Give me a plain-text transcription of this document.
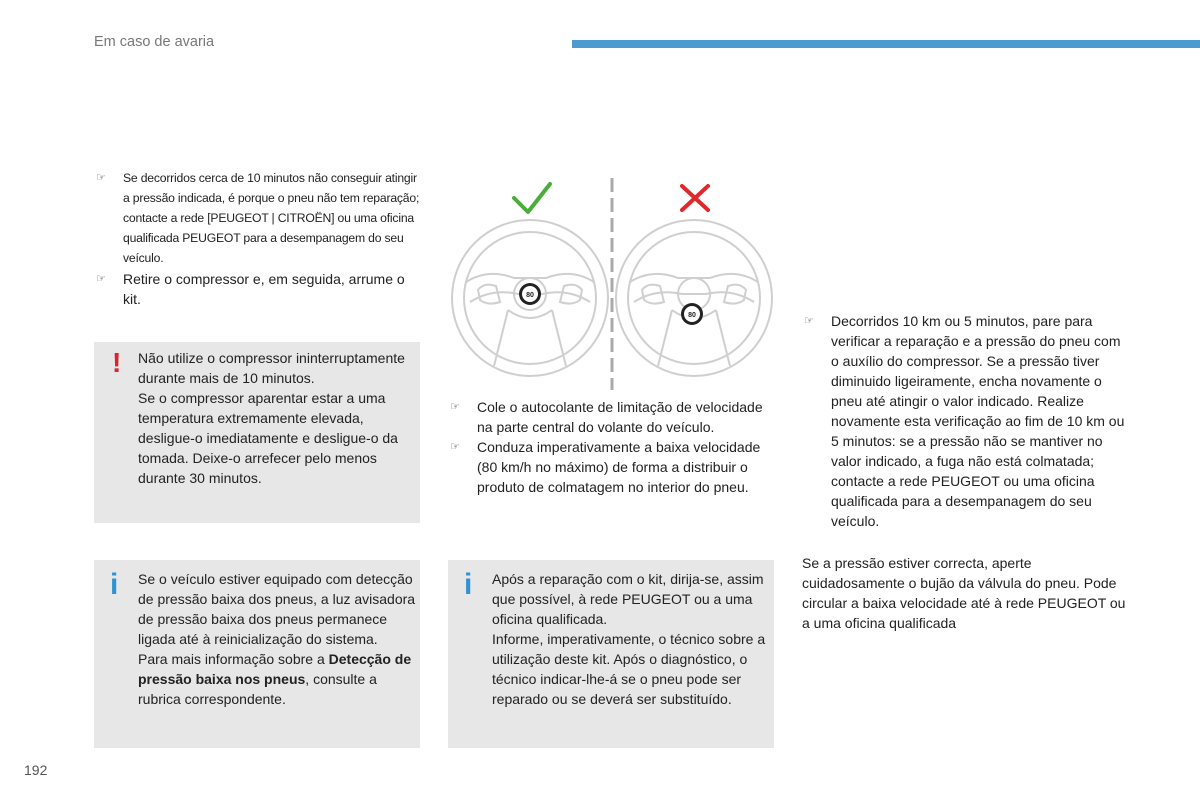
Em caso de avaria
☞ Se decorridos cerca de 10 minutos não conseguir atingir a pressão indicada, é porque o pneu não tem reparação; contacte a rede [PEUGEOT | CITROËN] ou uma oficina qualificada PEUGEOT para a desempanagem do seu veículo.
☞ Retire o compressor e, em seguida, arrume o kit.
! Não utilize o compressor ininterruptamente durante mais de 10 minutos.
Se o compressor aparentar estar a uma temperatura extremamente elevada, desligue-o imediatamente e desligue-o da tomada. Deixe-o arrefecer pelo menos durante 30 minutos.

i Se o veículo estiver equipado com detecção de pressão baixa dos pneus, a luz avisadora de pressão baixa dos pneus permanece ligada até à reinicialização do sistema.
Para mais informação sobre a Detecção de pressão baixa nos pneus, consulte a rubrica correspondente.

80
80
☞ Cole o autocolante de limitação de velocidade na parte central do volante do veículo.
☞ Conduza imperativamente a baixa velocidade (80 km/h no máximo) de forma a distribuir o produto de colmatagem no interior do pneu.
i Após a reparação com o kit, dirija-se, assim que possível, à rede PEUGEOT ou a uma oficina qualificada.
Informe, imperativamente, o técnico sobre a utilização deste kit. Após o diagnóstico, o técnico indicar-lhe-á se o pneu pode ser reparado ou se deverá ser substituído.

☞ Decorridos 10 km ou 5 minutos, pare para verificar a reparação e a pressão do pneu com o auxílio do compressor. Se a pressão tiver diminuido ligeiramente, encha novamente o pneu até atingir o valor indicado. Realize novamente esta verificação ao fim de 10 km ou 5 minutos: se a pressão não se mantiver no valor indicado, a fuga não está colmatada; contacte a rede PEUGEOT ou uma oficina qualificada para a desempanagem do seu veículo.

Se a pressão estiver correcta, aperte cuidadosamente o bujão da válvula do pneu. Pode circular a baixa velocidade até à rede PEUGEOT ou a uma oficina qualificada

192
